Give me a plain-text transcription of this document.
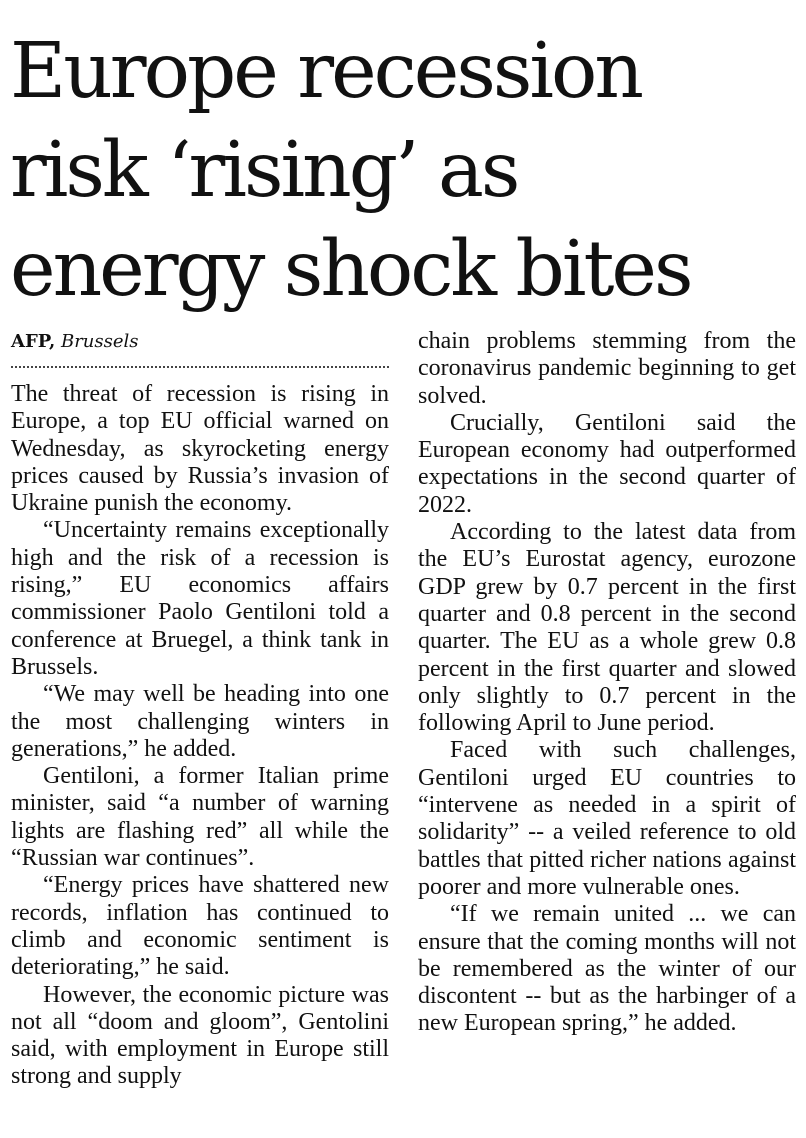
Europe recession
risk ‘rising’ as
energy shock bites
AFP, Brussels

The threat of recession is rising in Europe, a top EU official warned on Wednesday, as skyrocketing energy prices caused by Russia’s invasion of Ukraine punish the economy.

“Uncertainty remains exceptionally high and the risk of a recession is rising,” EU economics affairs commissioner Paolo Gentiloni told a conference at Bruegel, a think tank in Brussels.

“We may well be heading into one the most challenging winters in generations,” he added.

Gentiloni, a former Italian prime minister, said “a number of warning lights are flashing red” all while the “Russian war continues”.

“Energy prices have shattered new records, inflation has continued to climb and economic sentiment is deteriorating,” he said.

However, the economic picture was not all “doom and gloom”, Gentolini said, with employment in Europe still strong and supply

chain problems stemming from the coronavirus pandemic beginning to get solved.

Crucially, Gentiloni said the European economy had outperformed expectations in the second quarter of 2022.

According to the latest data from the EU’s Eurostat agency, eurozone GDP grew by 0.7 percent in the first quarter and 0.8 percent in the second quarter. The EU as a whole grew 0.8 percent in the first quarter and slowed only slightly to 0.7 percent in the following April to June period.

Faced with such challenges, Gentiloni urged EU countries to “intervene as needed in a spirit of solidarity” -- a veiled reference to old battles that pitted richer nations against poorer and more vulnerable ones.

“If we remain united ... we can ensure that the coming months will not be remembered as the winter of our discontent -- but as the harbinger of a new European spring,” he added.
